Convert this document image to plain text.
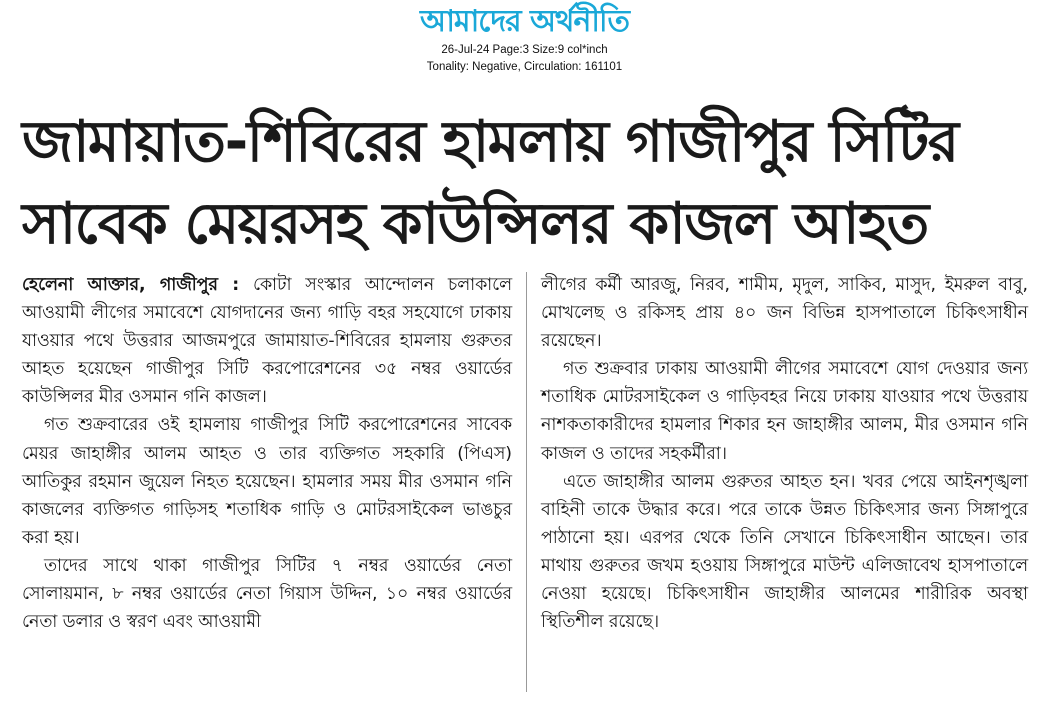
আমাদের অর্থনীতি
26-Jul-24 Page:3 Size:9 col*inch
Tonality: Negative, Circulation: 161101
জামায়াত-শিবিরের হামলায় গাজীপুর সিটির
সাবেক মেয়রসহ কাউন্সিলর কাজল আহত

হেলেনা আক্তার, গাজীপুর : কোটা সংস্কার আন্দোলন চলাকালে আওয়ামী লীগের সমাবেশে যোগদানের জন্য গাড়ি বহর সহযোগে ঢাকায় যাওয়ার পথে উত্তরার আজমপুরে জামায়াত-শিবিরের হামলায় গুরুতর আহত হয়েছেন গাজীপুর সিটি করপোরেশনের ৩৫ নম্বর ওয়ার্ডের কাউন্সিলর মীর ওসমান গনি কাজল।

গত শুক্রবারের ওই হামলায় গাজীপুর সিটি করপোরেশনের সাবেক মেয়র জাহাঙ্গীর আলম আহত ও তার ব্যক্তিগত সহকারি (পিএস) আতিকুর রহমান জুয়েল নিহত হয়েছেন। হামলার সময় মীর ওসমান গনি কাজলের ব্যক্তিগত গাড়িসহ শতাধিক গাড়ি ও মোটরসাইকেল ভাঙচুর করা হয়।

তাদের সাথে থাকা গাজীপুর সিটির ৭ নম্বর ওয়ার্ডের নেতা সোলায়মান, ৮ নম্বর ওয়ার্ডের নেতা গিয়াস উদ্দিন, ১০ নম্বর ওয়ার্ডের নেতা ডলার ও স্বরণ এবং আওয়ামী

লীগের কর্মী আরজু, নিরব, শামীম, মৃদুল, সাকিব, মাসুদ, ইমরুল বাবু, মোখলেছ ও রকিসহ প্রায় ৪০ জন বিভিন্ন হাসপাতালে চিকিৎসাধীন রয়েছেন।

গত শুক্রবার ঢাকায় আওয়ামী লীগের সমাবেশে যোগ দেওয়ার জন্য শতাধিক মোটরসাইকেল ও গাড়িবহর নিয়ে ঢাকায় যাওয়ার পথে উত্তরায় নাশকতাকারীদের হামলার শিকার হন জাহাঙ্গীর আলম, মীর ওসমান গনি কাজল ও তাদের সহকর্মীরা।

এতে জাহাঙ্গীর আলম গুরুতর আহত হন। খবর পেয়ে আইনশৃঙ্খলা বাহিনী তাকে উদ্ধার করে। পরে তাকে উন্নত চিকিৎসার জন্য সিঙ্গাপুরে পাঠানো হয়। এরপর থেকে তিনি সেখানে চিকিৎসাধীন আছেন। তার মাথায় গুরুতর জখম হওয়ায় সিঙ্গাপুরে মাউন্ট এলিজাবেথ হাসপাতালে নেওয়া হয়েছে। চিকিৎসাধীন জাহাঙ্গীর আলমের শারীরিক অবস্থা স্থিতিশীল রয়েছে।
